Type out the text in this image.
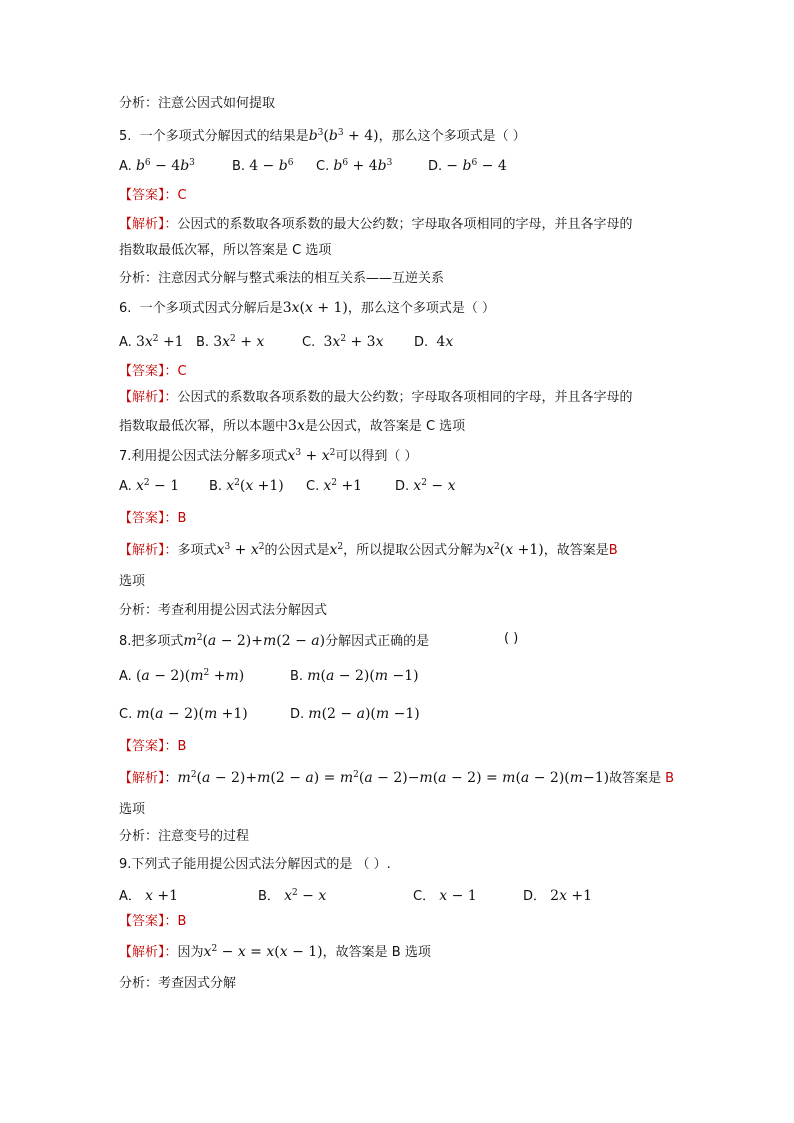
分析：注意公因式如何提取
5. 一个多项式分解因式的结果是$b^3(b^3 + 4)$，那么这个多项式是（ ）
A. $b^6 - 4b^3$	B. $4 - b^6$ C. $b^6 + 4b^3$	D. − $b^6 - 4$
【答案】：C
【解析】：公因式的系数取各项系数的最大公约数；字母取各项相同的字母，并且各字母的
指数取最低次幂，所以答案是 C 选项
分析：注意因式分解与整式乘法的相互关系——互逆关系
6. 一个多项式因式分解后是3x(x + 1)，那么这个多项式是（ ）
A. $3x^2 +1$ B. $3x^2 + x$	C. $3x^2 + 3x$ D. 4x
【答案】：C
【解析】：公因式的系数取各项系数的最大公约数；字母取各项相同的字母，并且各字母的
指数取最低次幂，所以本题中3x是公因式，故答案是 C 选项
7.利用提公因式法分解多项式$x^3 + x^2$可以得到（ ）
A. $x^2 - 1$ B. $x^2(x +1)$ C. $x^2 +1$	D. $x^2 - x$
【答案】：B
【解析】：多项式$x^3 + x^2$的公因式是$x^2$，所以提取公因式分解为$x^2(x +1)$，故答案是B
选项
分析：考查利用提公因式法分解因式
8.把多项式$m^2(a - 2)+m(2 - a)$分解因式正确的是	( )
A. $(a - 2)(m^2 +m)$	B. m(a − 2)(m −1)
C. m(a − 2)(m +1)	D. m(2 − a)(m −1)
【答案】：B
【解析】：$m^2(a - 2)+m(2 - a) = m^2(a - 2)-m(a - 2) = m(a - 2)(m-1)$故答案是 B
选项
分析：注意变号的过程
9.下列式子能用提公因式法分解因式的是 （ ）.
A． x +1	B． $x^2 - x$	C． x − 1	D． 2x +1
【答案】：B
【解析】：因为$x^2 - x = x(x - 1)$，故答案是 B 选项
分析：考查因式分解
